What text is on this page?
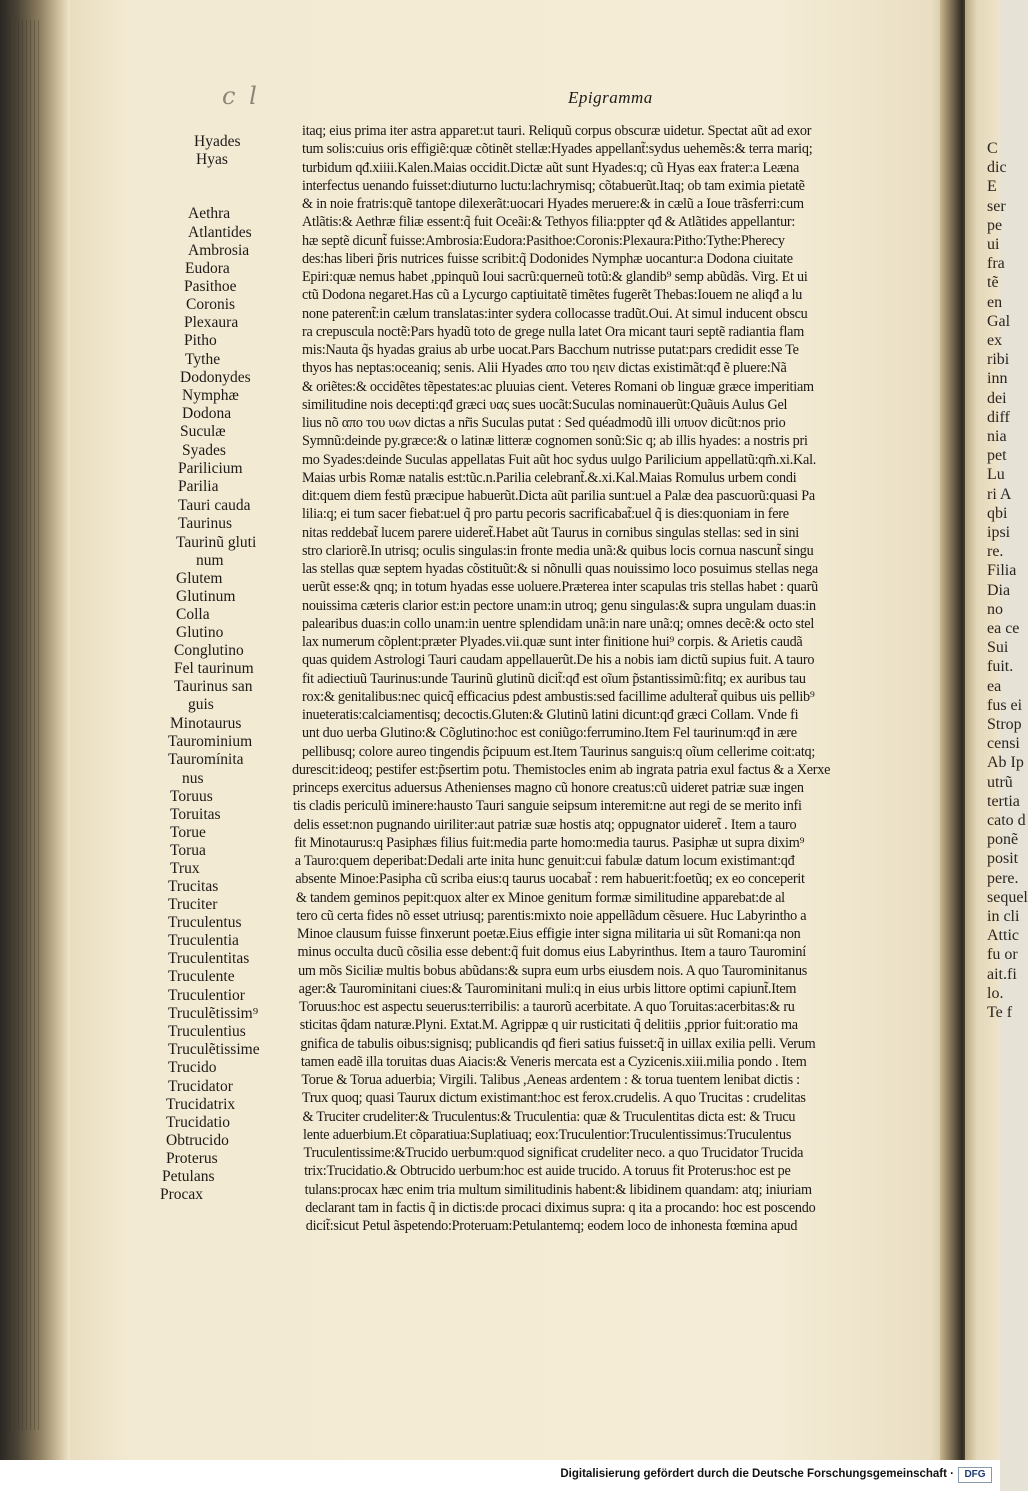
C
dic
E
ser
pe
ui
fra
tẽ
en
Gal
ex
ribi
inn
dei
diff
nia
pet
Lu
ri A
qbi
ipsi
re.
Filia
Dia
no
ea ce
Sui
fuit.
ea
fus ei
Strop
censi
Ab Ip
utrũ
tertia
cato d
ponẽ
posit
pere.
sequel
in cli
Attic
fu or
ait.fi
lo.
Te f
c l	Epigramma
Hyades
Hyas
Aethra
Atlantides
Ambrosia
Eudora
Pasithoe
Coronis
Plexaura
Pitho
Tythe
Dodonydes
Nymphæ
Dodona
Suculæ
Syades
Parilicium
Parilia
Tauri cauda
Taurinus
Taurinũ gluti
num
Glutem
Glutinum
Colla
Glutino
Conglutino
Fel taurinum
Taurinus san
guis
Minotaurus
Taurominium
Tauromínita
nus
Toruus
Toruitas
Torue
Torua
Trux
Trucitas
Truciter
Truculentus
Truculentia
Truculentitas
Truculente
Truculentior
Truculẽtissim⁹
Truculentius
Truculẽtissime
Trucido
Trucidator
Trucidatrix
Trucidatio
Obtrucido
Proterus
Petulans
Procax
itaq; eius prima iter astra apparet:ut tauri. Reliquũ corpus obscuræ uidetur. Spectat aũt ad exor
tum solis:cuius oris effigiẽ:quæ cõtinẽt stellæ:Hyades appellant̃:sydus uehemẽs:& terra mariq;
turbidum qđ.xiiii.Kalen.Maias occidit.Dictæ aũt sunt Hyades:q; cũ Hyas eax frater:a Leæna
interfectus uenando fuisset:diuturno luctu:lachrymisq; cõtabuerũt.Itaq; ob tam eximia pietatẽ
& in noie fratris:quẽ tantope dilexerãt:uocari Hyades meruere:& in cælũ a Ioue trãsferri:cum
Atlãtis:& Aethræ filiæ essent:q̃ fuit Oceãi:& Tethyos filia:ppter qđ & Atlãtides appellantur:
hæ septẽ dicunt̃ fuisse:Ambrosia:Eudora:Pasithoe:Coronis:Plexaura:Pitho:Tythe:Pherecy
des:has liberi p̃ris nutrices fuisse scribit:q̃ Dodonides Nymphæ uocantur:a Dodona ciuitate
Epiri:quæ nemus habet ,ppinquũ Ioui sacrũ:querneũ totũ:& glandib⁹ semp abũdãs. Virg. Et ui
ctũ Dodona negaret.Has cũ a Lycurgo captiuitatẽ timẽtes fugerẽt Thebas:Iouem ne aliqđ a lu
none paterent̃:in cælum translatas:inter sydera collocasse tradũt.Oui. At simul inducent obscu
ra crepuscula noctẽ:Pars hyadũ toto de grege nulla latet Ora micant tauri septẽ radiantia flam
mis:Nauta q̃s hyadas graius ab urbe uocat.Pars Bacchum nutrisse putat:pars credidit esse Te
thyos has neptas:oceaniq; senis. Alii Hyades απο του ηειν dictas existimãt:qđ ẽ pluere:Nã
& oriẽtes:& occidẽtes tẽpestates:ac pluuias cient. Veteres Romani ob linguæ græce imperitiam
similitudine nois decepti:qđ græci υας sues uocãt:Suculas nominauerũt:Quãuis Aulus Gel
lius nõ απο του υων dictas a nr̃is Suculas putat : Sed quéadmodũ illi υπυον dicũt:nos prio
Symnũ:deinde py.græce:& o latinæ litteræ cognomen sonũ:Sic q; ab illis hyades: a nostris pri
mo Syades:deinde Suculas appellatas Fuit aũt hoc sydus uulgo Parilicium appellatũ:qm̃.xi.Kal.
Maias urbis Romæ natalis est:tũc.n.Parilia celebrant̃.&.xi.Kal.Maias Romulus urbem condi
dit:quem diem festũ præcipue habuerũt.Dicta aũt parilia sunt:uel a Palæ dea pascuorũ:quasi Pa
lilia:q; ei tum sacer fiebat:uel q̃ pro partu pecoris sacrificabat̃:uel q̃ is dies:quoniam in fere
nitas reddebat̃ lucem parere uideret̃.Habet aũt Taurus in cornibus singulas stellas: sed in sini
stro clariorẽ.In utrisq; oculis singulas:in fronte media unã:& quibus locis cornua nascunt̃ singu
las stellas quæ septem hyadas cõstituũt:& si nõnulli quas nouissimo loco posuimus stellas nega
uerũt esse:& qnq; in totum hyadas esse uoluere.Præterea inter scapulas tris stellas habet : quarũ
nouissima cæteris clarior est:in pectore unam:in utroq; genu singulas:& supra ungulam duas:in
palearibus duas:in collo unam:in uentre splendidam unã:in nare unã:q; omnes decẽ:& octo stel
lax numerum cõplent:præter Plyades.vii.quæ sunt inter finitione hui⁹ corpis. & Arietis caudã
quas quidem Astrologi Tauri caudam appellauerũt.De his a nobis iam dictũ supius fuit. A tauro
fit adiectiuũ Taurinus:unde Taurinũ glutinũ dicit̃:qđ est oĩum p̃stantissimũ:fitq; ex auribus tau
rox:& genitalibus:nec quicq̃ efficacius pdest ambustis:sed facillime adulterat̃ quibus uis pellib⁹
inueteratis:calciamentisq; decoctis.Gluten:& Glutinũ latini dicunt:qđ græci Collam. Vnde fi
unt duo uerba Glutino:& Cõglutino:hoc est coniũgo:ferrumino.Item Fel taurinum:qđ in ære
pellibusq; colore aureo tingendis p̃cipuum est.Item Taurinus sanguis:q oĩum cellerime coit:atq;
durescit:ideoq; pestifer est:p̃sertim potu. Themistocles enim ab ingrata patria exul factus & a Xerxe
princeps exercitus aduersus Athenienses magno cũ honore creatus:cũ uideret patriæ suæ ingen
tis cladis periculũ iminere:hausto Tauri sanguie seipsum interemit:ne aut regi de se merito infi
delis esset:non pugnando uiriliter:aut patriæ suæ hostis atq; oppugnator uideret̃ . Item a tauro
fit Minotaurus:q Pasiphæs filius fuit:media parte homo:media taurus. Pasiphæ ut supra dixim⁹
a Tauro:quem deperibat:Dedali arte inita hunc genuit:cui fabulæ datum locum existimant:qđ
absente Minoe:Pasipha cũ scriba eius:q taurus uocabat̃ : rem habuerit:foetũq; ex eo conceperit
& tandem geminos pepit:quox alter ex Minoe genitum formæ similitudine apparebat:de al
tero cũ certa fides nõ esset utriusq; parentis:mixto noie appellãdum cẽsuere. Huc Labyrintho a
Minoe clausum fuisse finxerunt poetæ.Eius effigie inter signa militaria ui sũt Romani:qa non
minus occulta ducũ cõsilia esse debent:q̃ fuit domus eius Labyrinthus. Item a tauro Taurominí
um mõs Siciliæ multis bobus abũdans:& supra eum urbs eiusdem nois. A quo Taurominitanus
ager:& Taurominitani ciues:& Taurominitani muli:q in eius urbis littore optimi capiunt̃.Item
Toruus:hoc est aspectu seuerus:terribilis: a taurorũ acerbitate. A quo Toruitas:acerbitas:& ru
sticitas q̃dam naturæ.Plyni. Extat.M. Agrippæ q uir rusticitati q̃ delitiis ,pprior fuit:oratio ma
gnifica de tabulis oibus:signisq; publicandis qđ fieri satius fuisset:q̃ in uillax exilia pelli. Verum
tamen eadẽ illa toruitas duas Aiacis:& Veneris mercata est a Cyzicenis.xiii.milia pondo . Item
Torue & Torua aduerbia; Virgili. Talibus ,Aeneas ardentem : & torua tuentem lenibat dictis :
Trux quoq; quasi Taurux dictum existimant:hoc est ferox.crudelis. A quo Trucitas : crudelitas
& Truciter crudeliter:& Truculentus:& Truculentia: quæ & Truculentitas dicta est: & Trucu
lente aduerbium.Et cõparatiua:Suplatiuaq; eox:Truculentior:Truculentissimus:Truculentus
Truculentissime:&Trucido uerbum:quod significat crudeliter neco. a quo Trucidator Trucida
trix:Trucidatio.& Obtrucido uerbum:hoc est auide trucido. A toruus fit Proterus:hoc est pe
tulans:procax hæc enim tria multum similitudinis habent:& libidinem quandam: atq; iniuriam
declarant tam in factis q̃ in dictis:de procaci diximus supra: q ita a procando: hoc est poscendo
dicit̃:sicut Petul ãspetendo:Proteruam:Petulantemq; eodem loco de inhonesta fœmina apud
Digitalisierung gefördert durch die Deutsche Forschungsgemeinschaft ·	DFG
